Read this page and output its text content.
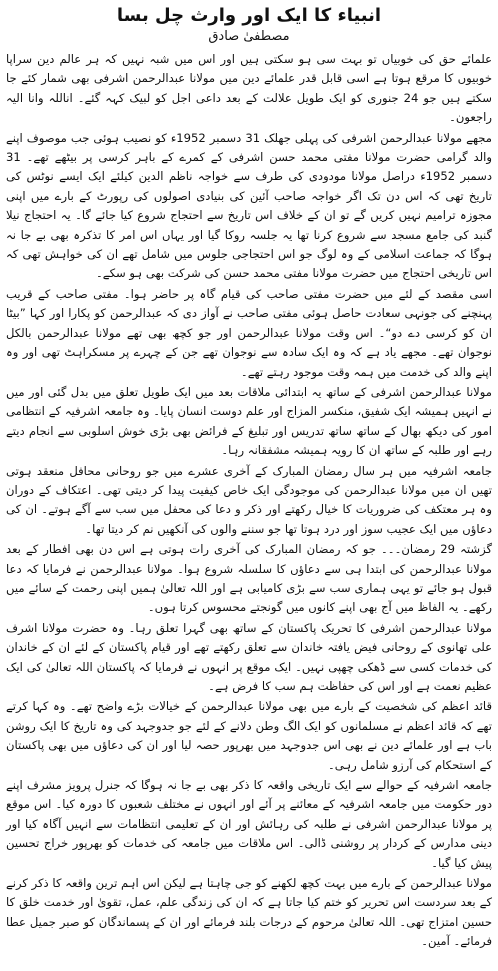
انبیاء کا ایک اور وارث چل بسا
مصطفیٰ صادق

علمائے حق کی خوبیاں تو بہت سی ہو سکتی ہیں اور اس میں شبہ نہیں کہ ہر عالم دین سراپا خوبیوں کا مرقع ہوتا ہے اسی قابل قدر علمائے دین میں مولانا عبدالرحمن اشرفی بھی شمار کئے جا سکتے ہیں جو 24 جنوری کو ایک طویل علالت کے بعد داعی اجل کو لبیک کہہ گئے۔ اناللہ وانا الیہ راجعون۔

مجھے مولانا عبدالرحمن اشرفی کی پہلی جھلک 31 دسمبر 1952ء کو نصیب ہوئی جب موصوف اپنے والد گرامی حضرت مولانا مفتی محمد حسن اشرفی کے کمرے کے باہر کرسی پر بیٹھے تھے۔ 31 دسمبر 1952ء دراصل مولانا مودودی کی طرف سے خواجہ ناظم الدین کیلئے ایک ایسے نوٹس کی تاریخ تھی کہ اس دن تک اگر خواجہ صاحب آئین کی بنیادی اصولوں کی رپورٹ کے بارے میں اپنی مجوزہ ترامیم نہیں کریں گے تو ان کے خلاف اس تاریخ سے احتجاج شروع کیا جائے گا۔ یہ احتجاج نیلا گنبد کی جامع مسجد سے شروع کرنا تھا یہ جلسہ روکا گیا اور یہاں اس امر کا تذکرہ بھی بے جا نہ ہوگا کہ جماعت اسلامی کے وہ لوگ جو اس احتجاجی جلوس میں شامل تھے ان کی خواہش تھی کہ اس تاریخی احتجاج میں حضرت مولانا مفتی محمد حسن کی شرکت بھی ہو سکے۔

اسی مقصد کے لئے میں حضرت مفتی صاحب کی قیام گاہ پر حاضر ہوا۔ مفتی صاحب کے قریب پہنچنے کی جونہی سعادت حاصل ہوئی مفتی صاحب نے آواز دی کہ عبدالرحمن کو پکارا اور کہا ”بیٹا ان کو کرسی دے دو“۔ اس وقت مولانا عبدالرحمن اور جو کچھ بھی تھے مولانا عبدالرحمن بالکل نوجوان تھے۔ مجھے یاد ہے کہ وہ ایک سادہ سے نوجوان تھے جن کے چہرے پر مسکراہٹ تھی اور وہ اپنے والد کی خدمت میں ہمہ وقت موجود رہتے تھے۔

مولانا عبدالرحمن اشرفی کے ساتھ یہ ابتدائی ملاقات بعد میں ایک طویل تعلق میں بدل گئی اور میں نے انہیں ہمیشہ ایک شفیق، منکسر المزاج اور علم دوست انسان پایا۔ وہ جامعہ اشرفیہ کے انتظامی امور کی دیکھ بھال کے ساتھ ساتھ تدریس اور تبلیغ کے فرائض بھی بڑی خوش اسلوبی سے انجام دیتے رہے اور طلبہ کے ساتھ ان کا رویہ ہمیشہ مشفقانہ رہا۔

جامعہ اشرفیہ میں ہر سال رمضان المبارک کے آخری عشرے میں جو روحانی محافل منعقد ہوتی تھیں ان میں مولانا عبدالرحمن کی موجودگی ایک خاص کیفیت پیدا کر دیتی تھی۔ اعتکاف کے دوران وہ ہر معتکف کی ضروریات کا خیال رکھتے اور ذکر و دعا کی محفل میں سب سے آگے ہوتے۔ ان کی دعاؤں میں ایک عجیب سوز اور درد ہوتا تھا جو سننے والوں کی آنکھیں نم کر دیتا تھا۔

گزشتہ 29 رمضان۔۔۔ جو کہ رمضان المبارک کی آخری رات ہوتی ہے اس دن بھی افطار کے بعد مولانا عبدالرحمن کی ابتدا ہی سے دعاؤں کا سلسلہ شروع ہوا۔ مولانا عبدالرحمن نے فرمایا کہ دعا قبول ہو جائے تو یہی ہماری سب سے بڑی کامیابی ہے اور اللہ تعالیٰ ہمیں اپنی رحمت کے سائے میں رکھے۔ یہ الفاظ میں آج بھی اپنے کانوں میں گونجتے محسوس کرتا ہوں۔

مولانا عبدالرحمن اشرفی کا تحریک پاکستان کے ساتھ بھی گہرا تعلق رہا۔ وہ حضرت مولانا اشرف علی تھانوی کے روحانی فیض یافتہ خاندان سے تعلق رکھتے تھے اور قیام پاکستان کے لئے ان کے خاندان کی خدمات کسی سے ڈھکی چھپی نہیں۔ ایک موقع پر انہوں نے فرمایا کہ پاکستان اللہ تعالیٰ کی ایک عظیم نعمت ہے اور اس کی حفاظت ہم سب کا فرض ہے۔

قائد اعظم کی شخصیت کے بارے میں بھی مولانا عبدالرحمن کے خیالات بڑے واضح تھے۔ وہ کہا کرتے تھے کہ قائد اعظم نے مسلمانوں کو ایک الگ وطن دلانے کے لئے جو جدوجہد کی وہ تاریخ کا ایک روشن باب ہے اور علمائے دین نے بھی اس جدوجہد میں بھرپور حصہ لیا اور ان کی دعاؤں میں بھی پاکستان کے استحکام کی آرزو شامل رہی۔

جامعہ اشرفیہ کے حوالے سے ایک تاریخی واقعہ کا ذکر بھی بے جا نہ ہوگا کہ جنرل پرویز مشرف اپنے دور حکومت میں جامعہ اشرفیہ کے معائنے پر آئے اور انہوں نے مختلف شعبوں کا دورہ کیا۔ اس موقع پر مولانا عبدالرحمن اشرفی نے طلبہ کی رہائش اور ان کے تعلیمی انتظامات سے انہیں آگاہ کیا اور دینی مدارس کے کردار پر روشنی ڈالی۔ اس ملاقات میں جامعہ کی خدمات کو بھرپور خراج تحسین پیش کیا گیا۔

مولانا عبدالرحمن کے بارے میں بہت کچھ لکھنے کو جی چاہتا ہے لیکن اس اہم ترین واقعہ کا ذکر کرنے کے بعد سردست اس تحریر کو ختم کیا جاتا ہے کہ ان کی زندگی علم، عمل، تقویٰ اور خدمت خلق کا حسین امتزاج تھی۔ اللہ تعالیٰ مرحوم کے درجات بلند فرمائے اور ان کے پسماندگان کو صبر جمیل عطا فرمائے۔ آمین۔
